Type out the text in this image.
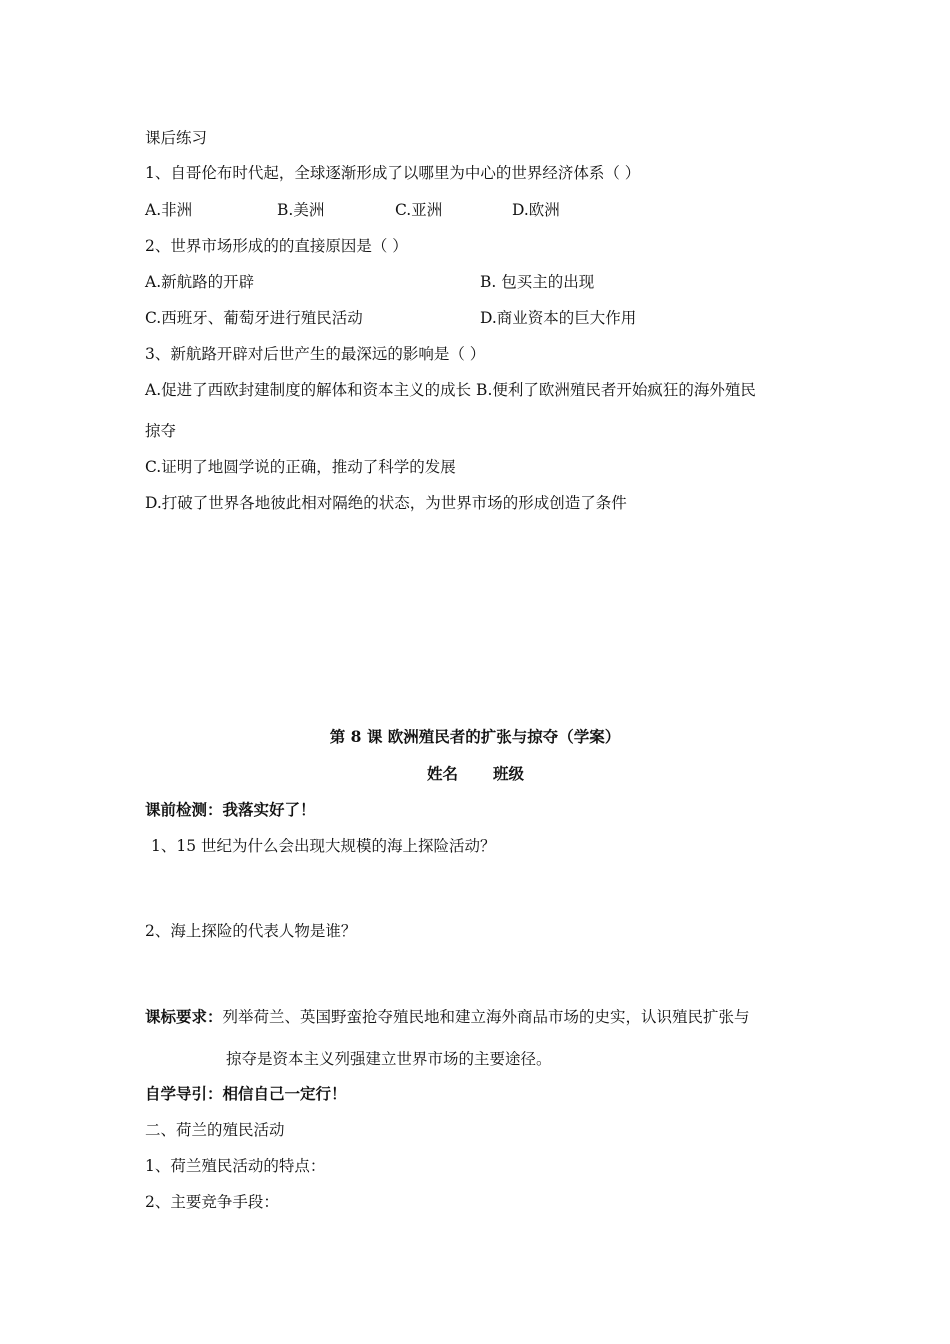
课后练习
1、自哥伦布时代起，全球逐渐形成了以哪里为中心的世界经济体系（ ）
A.非洲	B.美洲	C.亚洲	D.欧洲
2、世界市场形成的的直接原因是（ ）
A.新航路的开辟	B. 包买主的出现
C.西班牙、葡萄牙进行殖民活动	D.商业资本的巨大作用
3、新航路开辟对后世产生的最深远的影响是（ ）
A.促进了西欧封建制度的解体和资本主义的成长 B.便利了欧洲殖民者开始疯狂的海外殖民
掠夺
C.证明了地圆学说的正确，推动了科学的发展
D.打破了世界各地彼此相对隔绝的状态，为世界市场的形成创造了条件
第 8 课 欧洲殖民者的扩张与掠夺（学案）
姓名 班级
课前检测：我落实好了！
1、15 世纪为什么会出现大规模的海上探险活动？
2、海上探险的代表人物是谁？
课标要求：列举荷兰、英国野蛮抢夺殖民地和建立海外商品市场的史实，认识殖民扩张与
掠夺是资本主义列强建立世界市场的主要途径。
自学导引：相信自己一定行！
二、荷兰的殖民活动
1、荷兰殖民活动的特点：
2、主要竞争手段：
